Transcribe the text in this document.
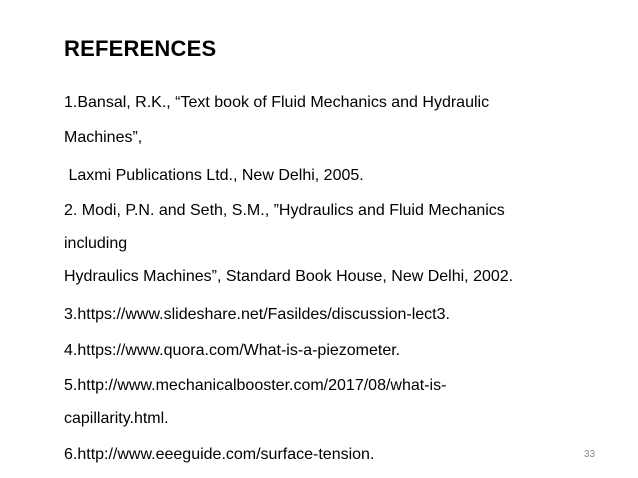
REFERENCES
1.Bansal, R.K., “Text book of Fluid Mechanics and Hydraulic
Machines”,
Laxmi Publications Ltd., New Delhi, 2005.
2. Modi, P.N. and Seth, S.M., ”Hydraulics and Fluid Mechanics
including
Hydraulics Machines”, Standard Book House, New Delhi, 2002.
3.https://www.slideshare.net/Fasildes/discussion-lect3.
4.https://www.quora.com/What-is-a-piezometer.
5.http://www.mechanicalbooster.com/2017/08/what-is-
capillarity.html.
6.http://www.eeeguide.com/surface-tension.	33
